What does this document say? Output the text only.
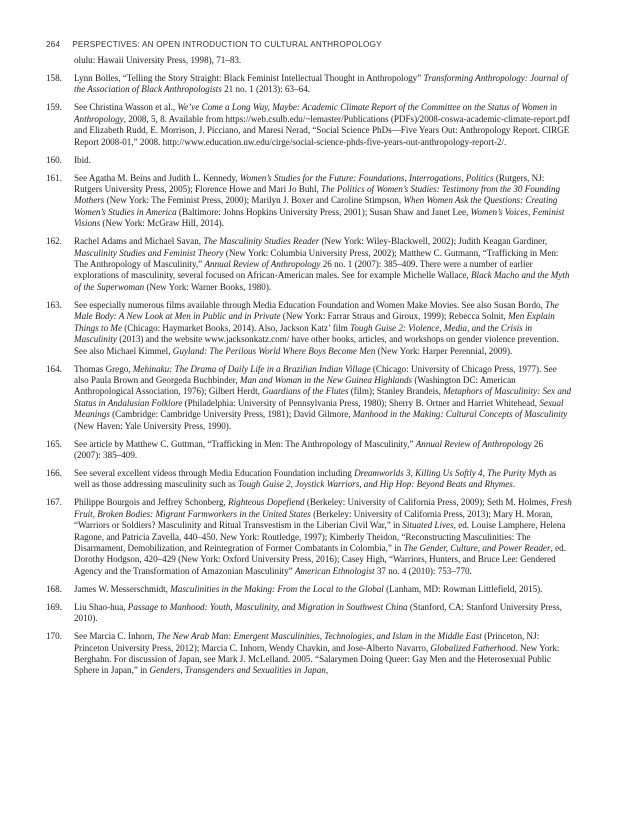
264 PERSPECTIVES: AN OPEN INTRODUCTION TO CULTURAL ANTHROPOLOGY
olulu: Hawaii University Press, 1998), 71–83.
158.	Lynn Bolles, “Telling the Story Straight: Black Feminist Intellectual Thought in Anthropology” Transforming Anthropology: Journal of the Association of Black Anthropologists 21 no. 1 (2013): 63–64.
159.	See Christina Wasson et al., We’ve Come a Long Way, Maybe: Academic Climate Report of the Committee on the Status of Women in Anthropology, 2008, 5, 8. Available from https://web.csulb.edu/~lemaster/Publications (PDFs)/2008-coswa-academic-climate-report.pdf and Elizabeth Rudd, E. Morrison, J. Picciano, and Maresi Nerad, “Social Science PhDs—Five Years Out: Anthropology Report. CIRGE Report 2008-01,” 2008. http://www.education.uw.edu/cirge/social-science-phds-five-years-out-anthropology-report-2/.
160.	Ibid.
161.	See Agatha M. Beins and Judith L. Kennedy, Women’s Studies for the Future: Foundations, Interrogations, Politics (Rutgers, NJ: Rutgers University Press, 2005); Florence Howe and Mari Jo Buhl, The Politics of Women’s Studies: Testimony from the 30 Founding Mothers (New York: The Feminist Press, 2000); Marilyn J. Boxer and Caroline Stimpson, When Women Ask the Questions: Creating Women’s Studies in America (Baltimore: Johns Hopkins University Press, 2001); Susan Shaw and Janet Lee, Women’s Voices, Feminist Visions (New York: McGraw Hill, 2014).
162.	Rachel Adams and Michael Savan, The Masculinity Studies Reader (New York: Wiley-Blackwell, 2002); Judith Keagan Gardiner, Masculinity Studies and Feminist Theory (New York: Columbia University Press, 2002); Matthew C. Gutmann, “Trafficking in Men: The Anthropology of Masculinity,” Annual Review of Anthropology 26 no. 1 (2007): 385–409. There were a number of earlier explorations of masculinity, several focused on African-American males. See for example Michelle Wallace, Black Macho and the Myth of the Superwoman (New York: Warner Books, 1980).
163.	See especially numerous films available through Media Education Foundation and Women Make Movies. See also Susan Bordo, The Male Body: A New Look at Men in Public and in Private (New York: Farrar Straus and Giroux, 1999); Rebecca Solnit, Men Explain Things to Me (Chicago: Haymarket Books, 2014). Also, Jackson Katz’ film Tough Guise 2: Violence, Media, and the Crisis in Masculinity (2013) and the website www.jacksonkatz.com/ have other books, articles, and workshops on gender violence prevention. See also Michael Kimmel, Guyland: The Perilous World Where Boys Become Men (New York: Harper Perennial, 2009).
164.	Thomas Grego, Mehinaku: The Drama of Daily Life in a Brazilian Indian Village (Chicago: University of Chicago Press, 1977). See also Paula Brown and Georgeda Buchbinder, Man and Woman in the New Guinea Highlands (Washington DC: American Anthropological Association, 1976); Gilbert Herdt, Guardians of the Flutes (film); Stanley Brandeis, Metaphors of Masculinity: Sex and Status in Andalusian Folklore (Philadelphia: University of Pennsylvania Press, 1980); Sherry B. Ortner and Harriet Whitehead, Sexual Meanings (Cambridge: Cambridge University Press, 1981); David Gilmore, Manhood in the Making: Cultural Concepts of Masculinity (New Haven: Yale University Press, 1990).
165.	See article by Matthew C. Guttman, “Trafficking in Men: The Anthropology of Masculinity,” Annual Review of Anthropology 26 (2007): 385–409.
166.	See several excellent videos through Media Education Foundation including Dreamworlds 3, Killing Us Softly 4, The Purity Myth as well as those addressing masculinity such as Tough Guise 2, Joystick Warriors, and Hip Hop: Beyond Beats and Rhymes.
167.	Philippe Bourgois and Jeffrey Schonberg, Righteous Dopefiend (Berkeley: University of California Press, 2009); Seth M. Holmes, Fresh Fruit, Broken Bodies: Migrant Farmworkers in the United States (Berkeley: University of California Press, 2013); Mary H. Moran, “Warriors or Soldiers? Masculinity and Ritual Transvestism in the Liberian Civil War,” in Situated Lives, ed. Louise Lamphere, Helena Ragone, and Patricia Zavella, 440–450. New York: Routledge, 1997); Kimberly Theidon, “Reconstructing Masculinities: The Disarmament, Demobilization, and Reintegration of Former Combatants in Colombia,” in The Gender, Culture, and Power Reader, ed. Dorothy Hodgson, 420–429 (New York: Oxford University Press, 2016); Casey High, “Warriors, Hunters, and Bruce Lee: Gendered Agency and the Transformation of Amazonian Masculinity” American Ethnologist 37 no. 4 (2010): 753–770.
168.	James W. Messerschmidt, Masculinities in the Making: From the Local to the Global (Lanham, MD: Rowman Littlefield, 2015).
169.	Liu Shao-hua, Passage to Manhood: Youth, Masculinity, and Migration in Southwest China (Stanford, CA: Stanford University Press, 2010).
170.	See Marcia C. Inhorn, The New Arab Man: Emergent Masculinities, Technologies, and Islam in the Middle East (Princeton, NJ: Princeton University Press, 2012); Marcia C. Inhorn, Wendy Chavkin, and Jose-Alberto Navarro, Globalized Fatherhood. New York: Berghahn. For discussion of Japan, see Mark J. McLelland. 2005. “Salarymen Doing Queer: Gay Men and the Heterosexual Public Sphere in Japan,” in Genders, Transgenders and Sexualities in Japan,
